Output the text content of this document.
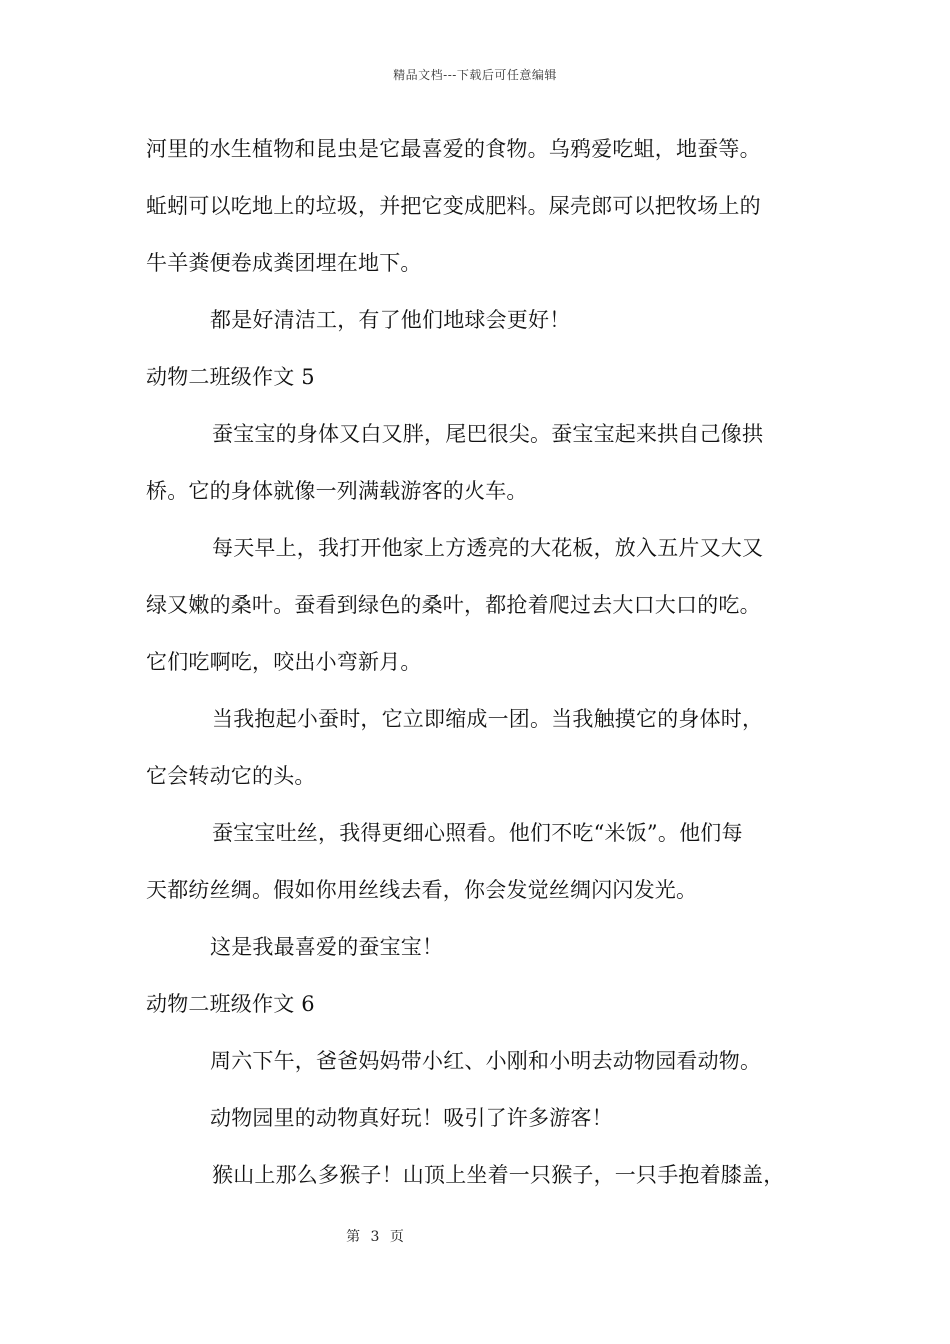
精品文档---下载后可任意编辑
河里的水生植物和昆虫是它最喜爱的食物。乌鸦爱吃蛆，地蚕等。
蚯蚓可以吃地上的垃圾，并把它变成肥料。屎壳郎可以把牧场上的
牛羊粪便卷成粪团埋在地下。
都是好清洁工，有了他们地球会更好！
动物二班级作文 5
蚕宝宝的身体又白又胖，尾巴很尖。蚕宝宝起来拱自己像拱
桥。它的身体就像一列满载游客的火车。
每天早上，我打开他家上方透亮的大花板，放入五片又大又
绿又嫩的桑叶。蚕看到绿色的桑叶，都抢着爬过去大口大口的吃。
它们吃啊吃，咬出小弯新月。
当我抱起小蚕时，它立即缩成一团。当我触摸它的身体时，
它会转动它的头。
蚕宝宝吐丝，我得更细心照看。他们不吃“米饭”。他们每
天都纺丝绸。假如你用丝线去看，你会发觉丝绸闪闪发光。
这是我最喜爱的蚕宝宝！
动物二班级作文 6
周六下午，爸爸妈妈带小红、小刚和小明去动物园看动物。
动物园里的动物真好玩！吸引了许多游客！
猴山上那么多猴子！山顶上坐着一只猴子，一只手抱着膝盖，
第 3 页
